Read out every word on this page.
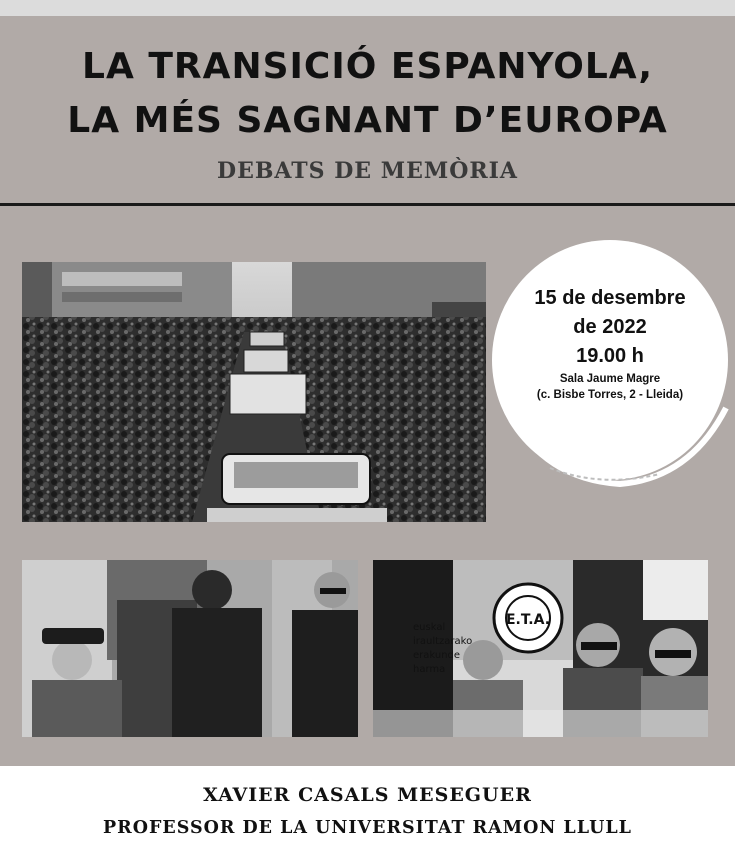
LA TRANSICIÓ ESPANYOLA,
LA MÉS SAGNANT D’EUROPA
DEBATS DE MEMÒRIA
15 de desembre
de 2022
19.00 h
Sala Jaume Magre
(c. Bisbe Torres, 2 - Lleida)
E.T.A.
euskal
iraultzarako
erakunde
harma
XAVIER CASALS MESEGUER
PROFESSOR DE LA UNIVERSITAT RAMON LLULL
